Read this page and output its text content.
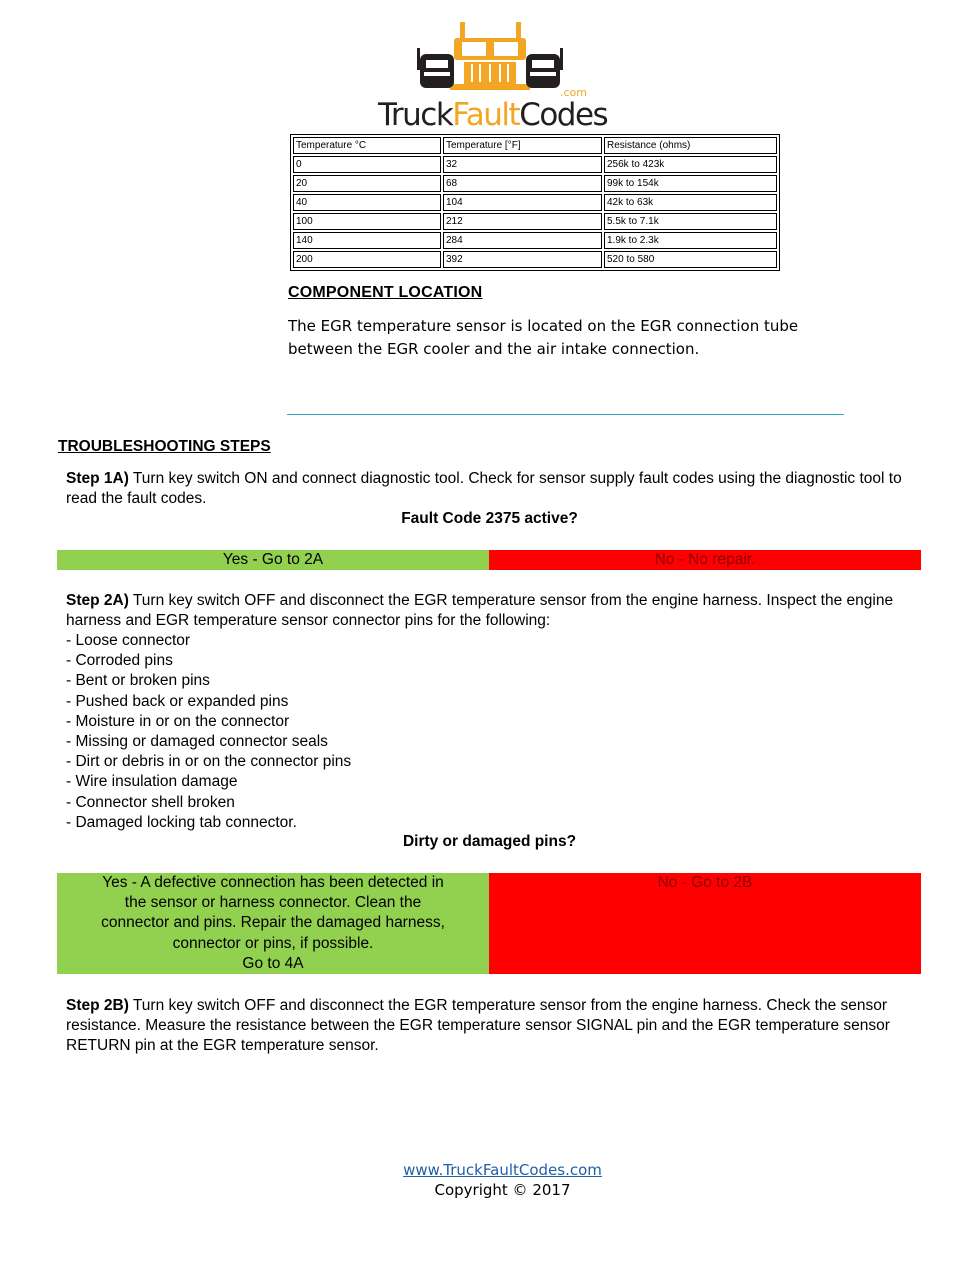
.com
TruckFaultCodes
Temperature °C	Temperature [°F]	Resistance (ohms)
0	32	256k to 423k
20	68	99k to 154k
40	104	42k to 63k
100	212	5.5k to 7.1k
140	284	1.9k to 2.3k
200	392	520 to 580
COMPONENT LOCATION
The EGR temperature sensor is located on the EGR connection tube between the EGR cooler and the air intake connection.
TROUBLESHOOTING STEPS
Step 1A) Turn key switch ON and connect diagnostic tool. Check for sensor supply fault codes using the diagnostic tool to read the fault codes.
Fault Code 2375 active?
Yes - Go to 2A	No - No repair.
Step 2A) Turn key switch OFF and disconnect the EGR temperature sensor from the engine harness. Inspect the engine harness and EGR temperature sensor connector pins for the following:
- Loose connector
- Corroded pins
- Bent or broken pins
- Pushed back or expanded pins
- Moisture in or on the connector
- Missing or damaged connector seals
- Dirt or debris in or on the connector pins
- Wire insulation damage
- Connector shell broken
- Damaged locking tab connector.
Dirty or damaged pins?
Yes - A defective connection has been detected in
the sensor or harness connector. Clean the
connector and pins. Repair the damaged harness,
connector or pins, if possible.
Go to 4A
No - Go to 2B
Step 2B) Turn key switch OFF and disconnect the EGR temperature sensor from the engine harness. Check the sensor resistance. Measure the resistance between the EGR temperature sensor SIGNAL pin and the EGR temperature sensor RETURN pin at the EGR temperature sensor.
www.TruckFaultCodes.com
Copyright © 2017
